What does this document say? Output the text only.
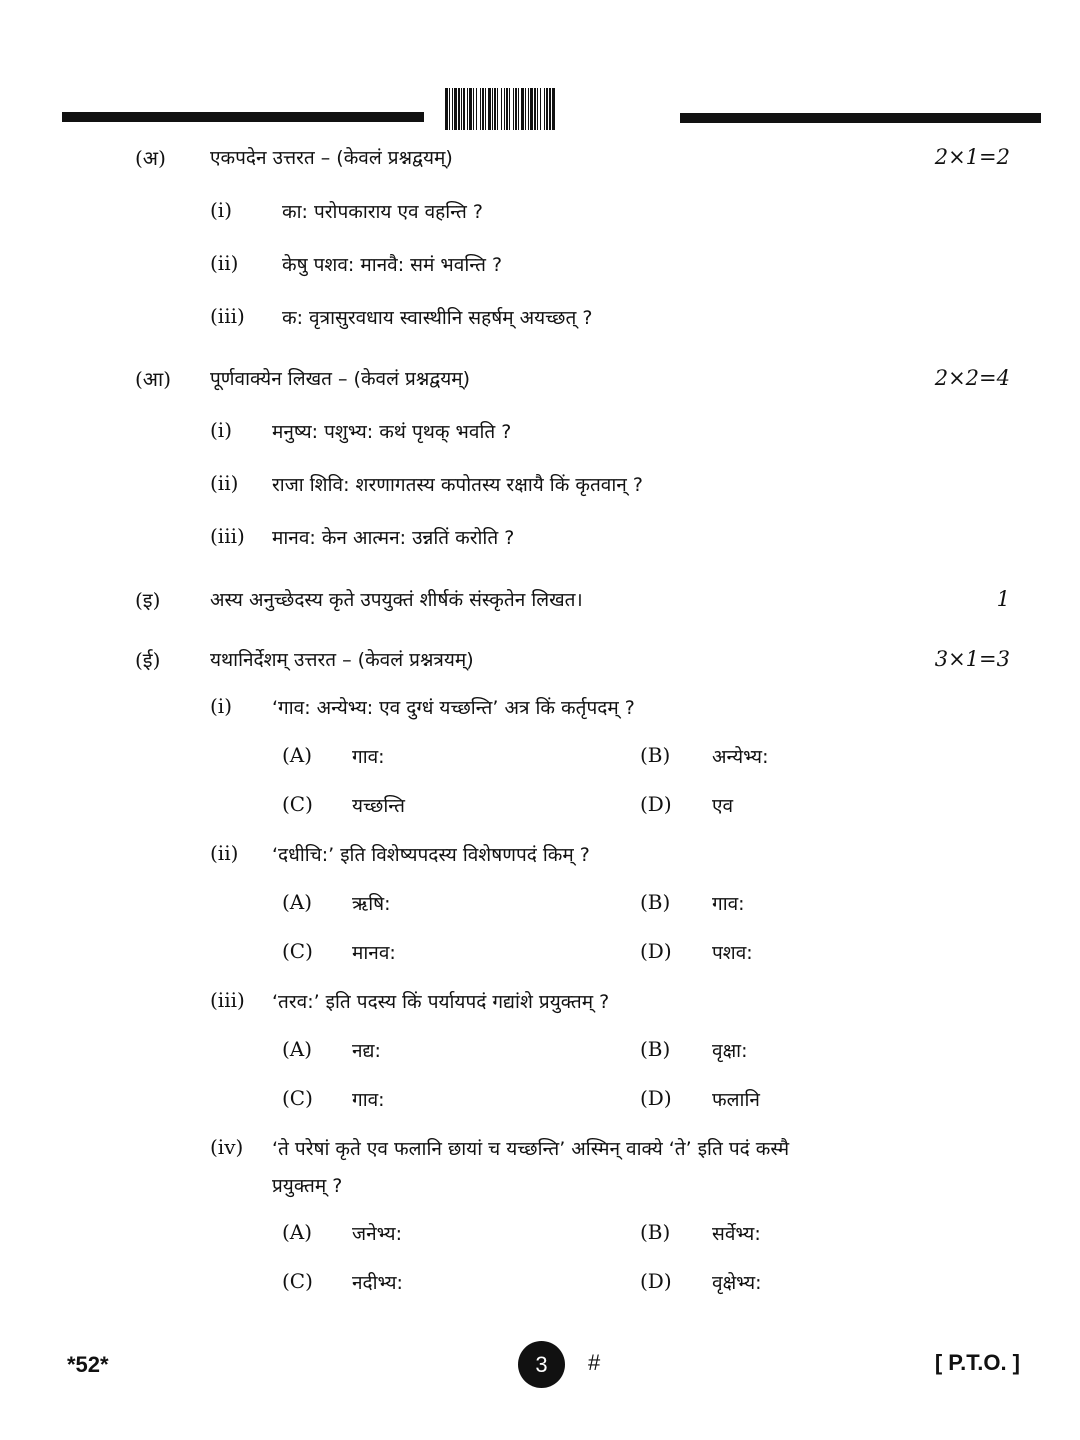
(अ) एकपदेन उत्तरत – (केवलं प्रश्नद्वयम्)	2×1=2
(i)	का: परोपकाराय एव वहन्ति ?
(ii) केषु पशव: मानवै: समं भवन्ति ?
(iii) क: वृत्रासुरवधाय स्वास्थीनि सहर्षम् अयच्छत् ?
(आ) पूर्णवाक्येन लिखत – (केवलं प्रश्नद्वयम्)	2×2=4
(i) मनुष्य: पशुभ्य: कथं पृथक् भवति ?
(ii) राजा शिवि: शरणागतस्य कपोतस्य रक्षायै किं कृतवान् ?
(iii) मानव: केन आत्मन: उन्नतिं करोति ?
(इ)	अस्य अनुच्छेदस्य कृते उपयुक्तं शीर्षकं संस्कृतेन लिखत।	1
(ई)	यथानिर्देशम् उत्तरत – (केवलं प्रश्नत्रयम्)	3×1=3
(i) ‘गाव: अन्येभ्य: एव दुग्धं यच्छन्ति’ अत्र किं कर्तृपदम् ?
(A) गाव:	(B) अन्येभ्य:
(C) यच्छन्ति	(D) एव
(ii) ‘दधीचि:’ इति विशेष्यपदस्य विशेषणपदं किम् ?
(A) ऋषि:	(B) गाव:
(C) मानव:	(D) पशव:
(iii) ‘तरव:’ इति पदस्य किं पर्यायपदं गद्यांशे प्रयुक्तम् ?
(A) नद्य:	(B) वृक्षा:
(C) गाव:	(D) फलानि
(iv) ‘ते परेषां कृते एव फलानि छायां च यच्छन्ति’ अस्मिन् वाक्ये ‘ते’ इति पदं कस्मै
प्रयुक्तम् ?
(A) जनेभ्य:	(B) सर्वेभ्य:
(C) नदीभ्य:	(D) वृक्षेभ्य:
*52*	3 #	[ P.T.O. ]
